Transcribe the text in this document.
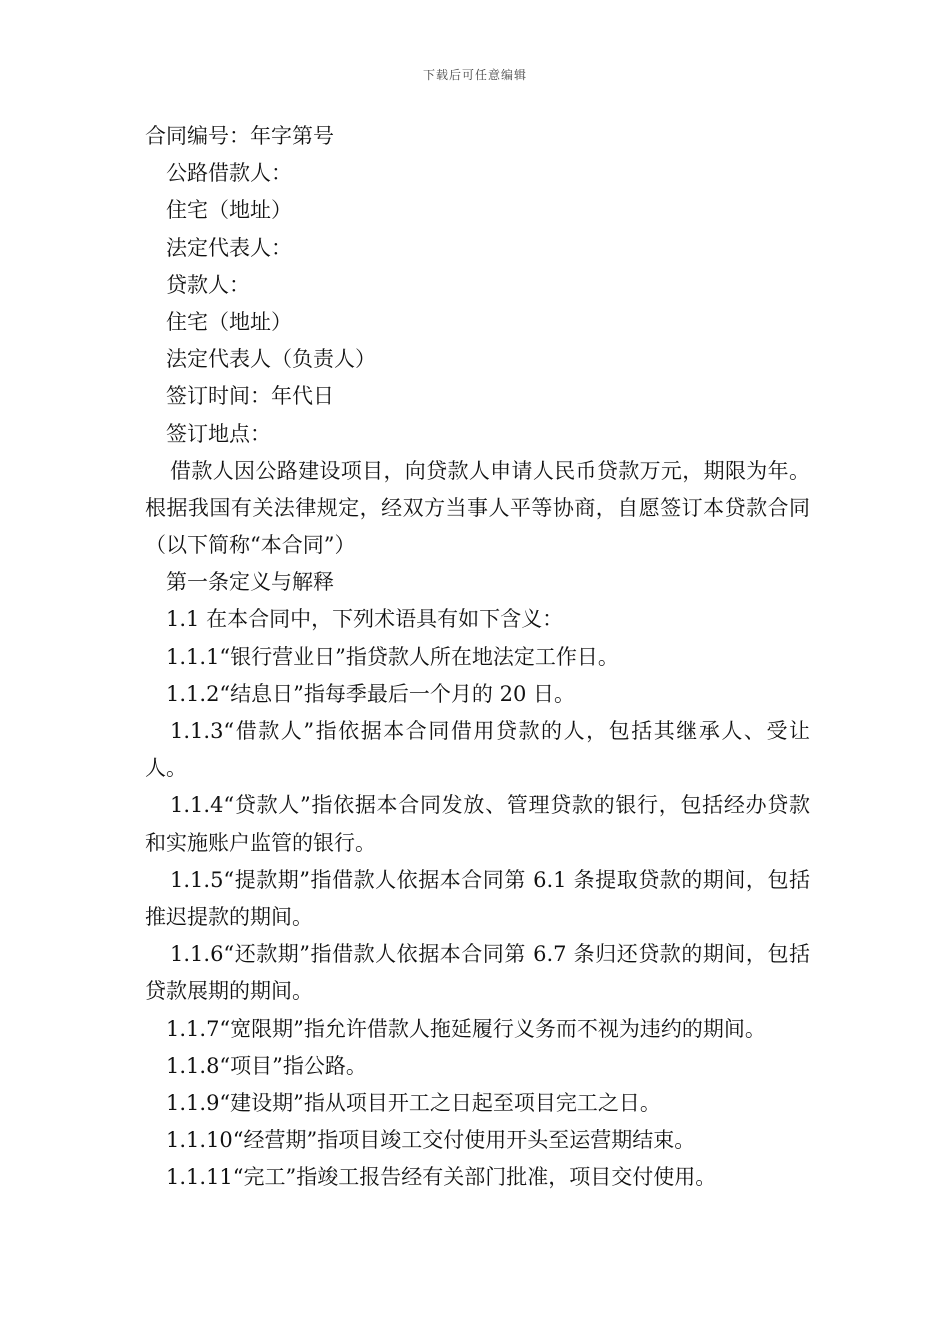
下载后可任意编辑
合同编号：年字第号
公路借款人：
住宅（地址）
法定代表人：
贷款人：
住宅（地址）
法定代表人（负责人）
签订时间：年代日
签订地点：
借款人因公路建设项目，向贷款人申请人民币贷款万元，期限为年。根据我国有关法律规定，经双方当事人平等协商，自愿签订本贷款合同（以下简称“本合同”）
第一条定义与解释
1.1 在本合同中，下列术语具有如下含义：
1.1.1“银行营业日”指贷款人所在地法定工作日。
1.1.2“结息日”指每季最后一个月的 20 日。
1.1.3“借款人”指依据本合同借用贷款的人，包括其继承人、受让人。
1.1.4“贷款人”指依据本合同发放、管理贷款的银行，包括经办贷款和实施账户监管的银行。
1.1.5“提款期”指借款人依据本合同第 6.1 条提取贷款的期间，包括推迟提款的期间。
1.1.6“还款期”指借款人依据本合同第 6.7 条归还贷款的期间，包括贷款展期的期间。
1.1.7“宽限期”指允许借款人拖延履行义务而不视为违约的期间。
1.1.8“项目”指公路。
1.1.9“建设期”指从项目开工之日起至项目完工之日。
1.1.10“经营期”指项目竣工交付使用开头至运营期结束。
1.1.11“完工”指竣工报告经有关部门批准，项目交付使用。
